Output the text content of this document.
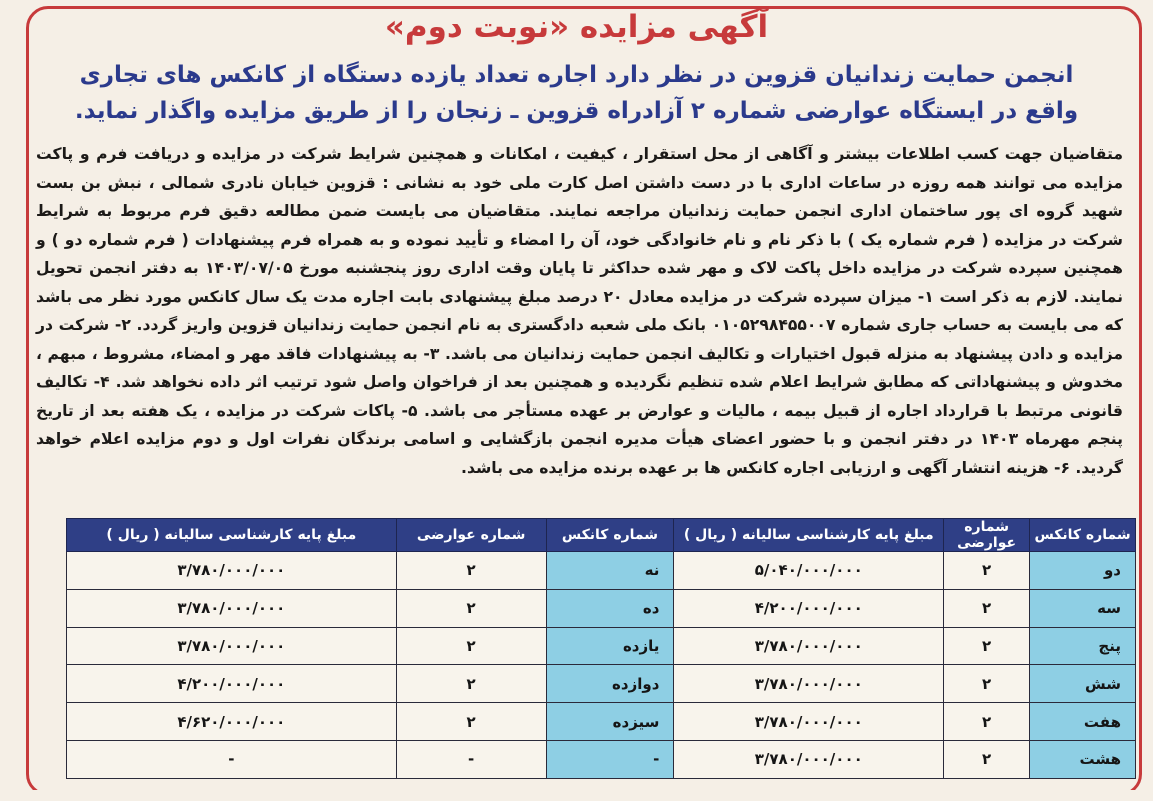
آگهی مزایده «نوبت دوم»
انجمن حمایت زندانیان قزوین در نظر دارد اجاره تعداد یازده دستگاه از کانکس های تجاری
واقع در ایستگاه عوارضی شماره ۲ آزادراه قزوین ـ زنجان را از طریق مزایده واگذار نماید.
متقاضیان جهت کسب اطلاعات بیشتر و آگاهی از محل استقرار ، کیفیت ، امکانات و همچنین شرایط شرکت در مزایده و دریافت فرم و پاکت مزایده می توانند همه روزه در ساعات اداری با در دست داشتن اصل کارت ملی خود به نشانی : قزوین خیابان نادری شمالی ، نبش بن بست شهید گروه ای پور ساختمان اداری انجمن حمایت زندانیان مراجعه نمایند. متقاضیان می بایست ضمن مطالعه دقیق فرم مربوط به شرایط شرکت در مزایده ( فرم شماره یک ) با ذکر نام و نام خانوادگی خود، آن را امضاء و تأیید نموده و به همراه فرم پیشنهادات ( فرم شماره دو ) و همچنین سپرده شرکت در مزایده داخل پاکت لاک و مهر شده حداکثر تا پایان وقت اداری روز پنجشنبه مورخ ۱۴۰۳/۰۷/۰۵ به دفتر انجمن تحویل نمایند. لازم به ذکر است ۱- میزان سپرده شرکت در مزایده معادل ۲۰ درصد مبلغ پیشنهادی بابت اجاره مدت یک سال کانکس مورد نظر می باشد که می بایست به حساب جاری شماره ۰۱۰۵۲۹۸۴۵۵۰۰۷ بانک ملی شعبه دادگستری به نام انجمن حمایت زندانیان قزوین واریز گردد. ۲- شرکت در مزایده و دادن پیشنهاد به منزله قبول اختیارات و تکالیف انجمن حمایت زندانیان می باشد. ۳- به پیشنهادات فاقد مهر و امضاء، مشروط ، مبهم ، مخدوش و پیشنهاداتی که مطابق شرایط اعلام شده تنظیم نگردیده و همچنین بعد از فراخوان واصل شود ترتیب اثر داده نخواهد شد. ۴- تکالیف قانونی مرتبط با قرارداد اجاره از قبیل بیمه ، مالیات و عوارض بر عهده مستأجر می باشد. ۵- پاکات شرکت در مزایده ، یک هفته بعد از تاریخ پنجم مهرماه ۱۴۰۳ در دفتر انجمن و با حضور اعضای هیأت مدیره انجمن بازگشایی و اسامی برندگان نفرات اول و دوم مزایده اعلام خواهد گردید. ۶- هزینه انتشار آگهی و ارزیابی اجاره کانکس ها بر عهده برنده مزایده می باشد.
شماره کانکس	شماره عوارضی	مبلغ پایه کارشناسی سالیانه ( ریال )	شماره کانکس	شماره عوارضی	مبلغ پایه کارشناسی سالیانه ( ریال )
دو	۲	۵/۰۴۰/۰۰۰/۰۰۰	نه	۲	۳/۷۸۰/۰۰۰/۰۰۰
سه	۲	۴/۲۰۰/۰۰۰/۰۰۰	ده	۲	۳/۷۸۰/۰۰۰/۰۰۰
پنج	۲	۳/۷۸۰/۰۰۰/۰۰۰	یازده	۲	۳/۷۸۰/۰۰۰/۰۰۰
شش	۲	۳/۷۸۰/۰۰۰/۰۰۰	دوازده	۲	۴/۲۰۰/۰۰۰/۰۰۰
هفت	۲	۳/۷۸۰/۰۰۰/۰۰۰	سیزده	۲	۴/۶۲۰/۰۰۰/۰۰۰
هشت	۲	۳/۷۸۰/۰۰۰/۰۰۰	-	-	-
